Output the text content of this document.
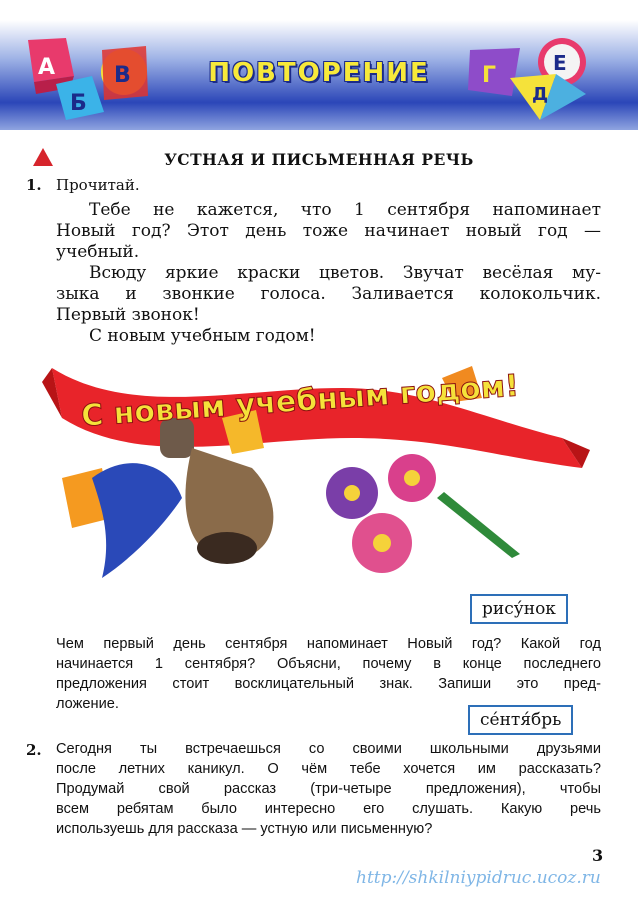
А
Б
В	Г	Е
Д
ПОВТОРЕНИЕ
УСТНАЯ И ПИСЬМЕННАЯ РЕЧЬ
1. Прочитай.
Тебе не кажется, что 1 сентября напоминает
Новый год? Этот день тоже начинает новый год —
учебный.
Всюду яркие краски цветов. Звучат весёлая му-
зыка и звонкие голоса. Заливается колокольчик.
Первый звонок!
С новым учебным годом!
С новым учебным годом!
рису́нок
Чем первый день сентября напоминает Новый год? Какой год
начинается 1 сентября? Объясни, почему в конце последнего
предложения стоит восклицательный знак. Запиши это пред-
ложение.
се́нтя́брь
2. Сегодня ты встречаешься со своими школьными друзьями
после летних каникул. О чём тебе хочется им рассказать?
Продумай свой рассказ (три-четыре предложения), чтобы
всем ребятам было интересно его слушать. Какую речь
используешь для рассказа — устную или письменную?
3
http://shkilniypidruc.ucoz.ru
